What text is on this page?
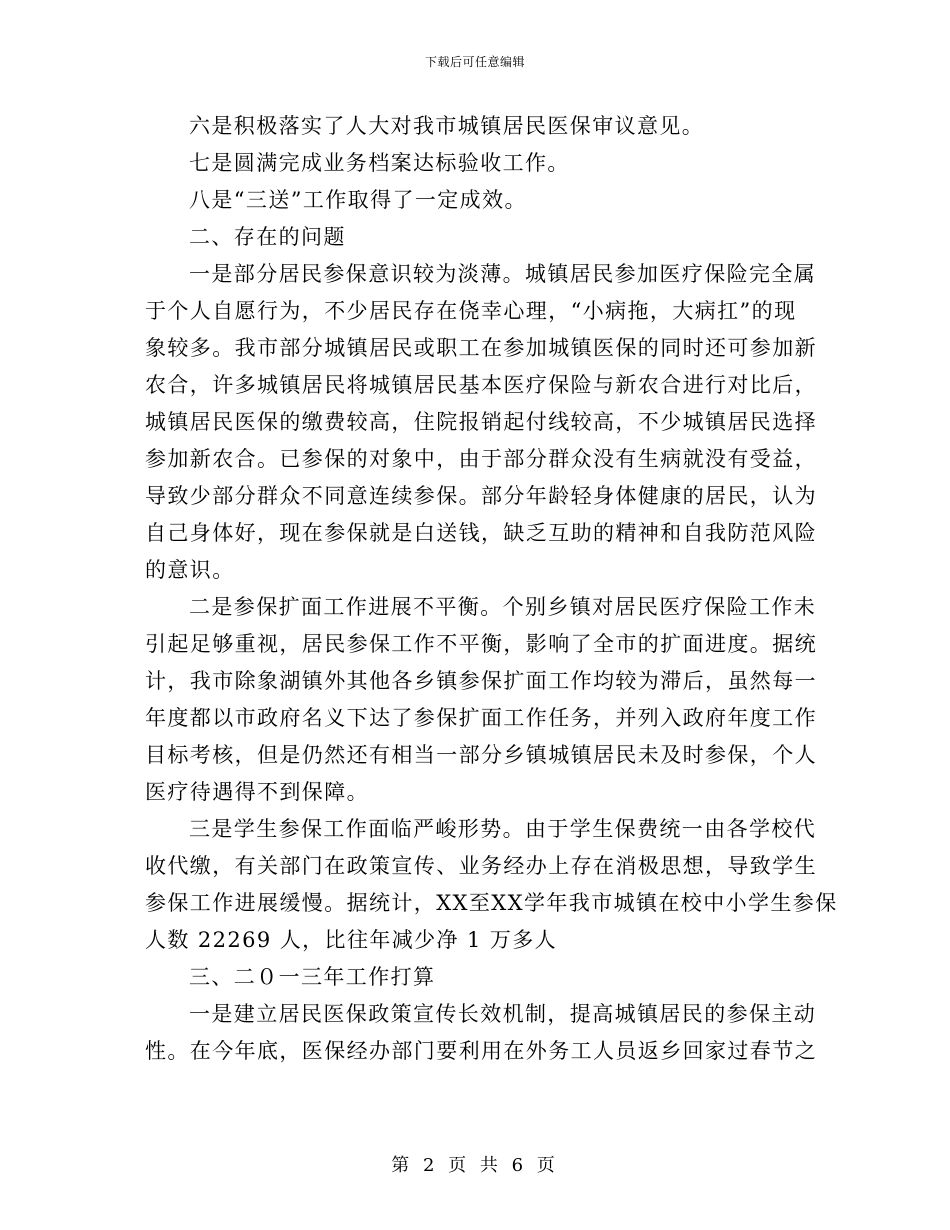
下载后可任意编辑
六是积极落实了人大对我市城镇居民医保审议意见。
七是圆满完成业务档案达标验收工作。
八是“三送”工作取得了一定成效。
二、存在的问题
一是部分居民参保意识较为淡薄。城镇居民参加医疗保险完全属
于个人自愿行为，不少居民存在侥幸心理，“小病拖，大病扛”的现
象较多。我市部分城镇居民或职工在参加城镇医保的同时还可参加新
农合，许多城镇居民将城镇居民基本医疗保险与新农合进行对比后，
城镇居民医保的缴费较高，住院报销起付线较高，不少城镇居民选择
参加新农合。已参保的对象中，由于部分群众没有生病就没有受益，
导致少部分群众不同意连续参保。部分年龄轻身体健康的居民，认为
自己身体好，现在参保就是白送钱，缺乏互助的精神和自我防范风险
的意识。
二是参保扩面工作进展不平衡。个别乡镇对居民医疗保险工作未
引起足够重视，居民参保工作不平衡，影响了全市的扩面进度。据统
计，我市除象湖镇外其他各乡镇参保扩面工作均较为滞后，虽然每一
年度都以市政府名义下达了参保扩面工作任务，并列入政府年度工作
目标考核，但是仍然还有相当一部分乡镇城镇居民未及时参保，个人
医疗待遇得不到保障。
三是学生参保工作面临严峻形势。由于学生保费统一由各学校代
收代缴，有关部门在政策宣传、业务经办上存在消极思想，导致学生
参保工作进展缓慢。据统计，XX至XX学年我市城镇在校中小学生参保
人数 22269 人，比往年减少净 1 万多人
三、二０一三年工作打算
一是建立居民医保政策宣传长效机制，提高城镇居民的参保主动
性。在今年底，医保经办部门要利用在外务工人员返乡回家过春节之
第 2 页 共 6 页
